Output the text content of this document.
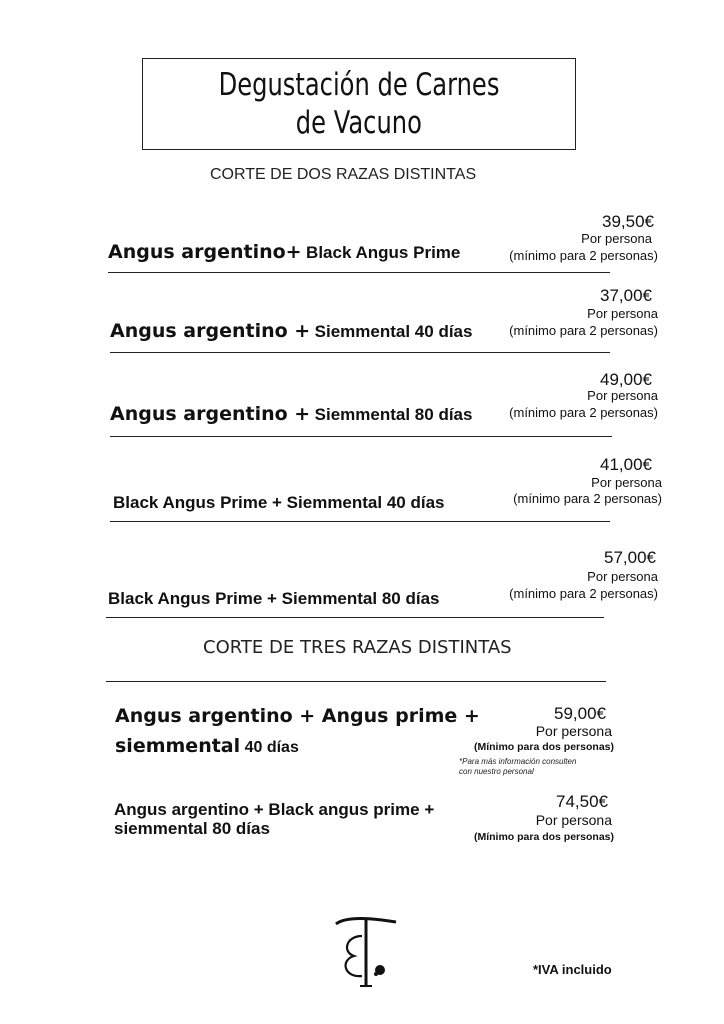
Degustación de Carnes
de Vacuno
CORTE DE DOS RAZAS DISTINTAS
Angus argentino+ Black Angus Prime
39,50€
Por persona
(mínimo para 2 personas)
Angus argentino + Siemmental 40 días
37,00€
Por persona
(mínimo para 2 personas)
Angus argentino + Siemmental 80 días
49,00€
Por persona
(mínimo para 2 personas)
Black Angus Prime + Siemmental 40 días
41,00€
Por persona
(mínimo para 2 personas)
Black Angus Prime + Siemmental 80 días
57,00€
Por persona
(mínimo para 2 personas)
CORTE DE TRES RAZAS DISTINTAS
Angus argentino + Angus prime +
siemmental 40 días
59,00€
Por persona
(Mínimo para dos personas)
*Para más información consulten
con nuestro personal
Angus argentino + Black angus prime +
siemmental 80 días
74,50€
Por persona
(Mínimo para dos personas)
*IVA incluido
